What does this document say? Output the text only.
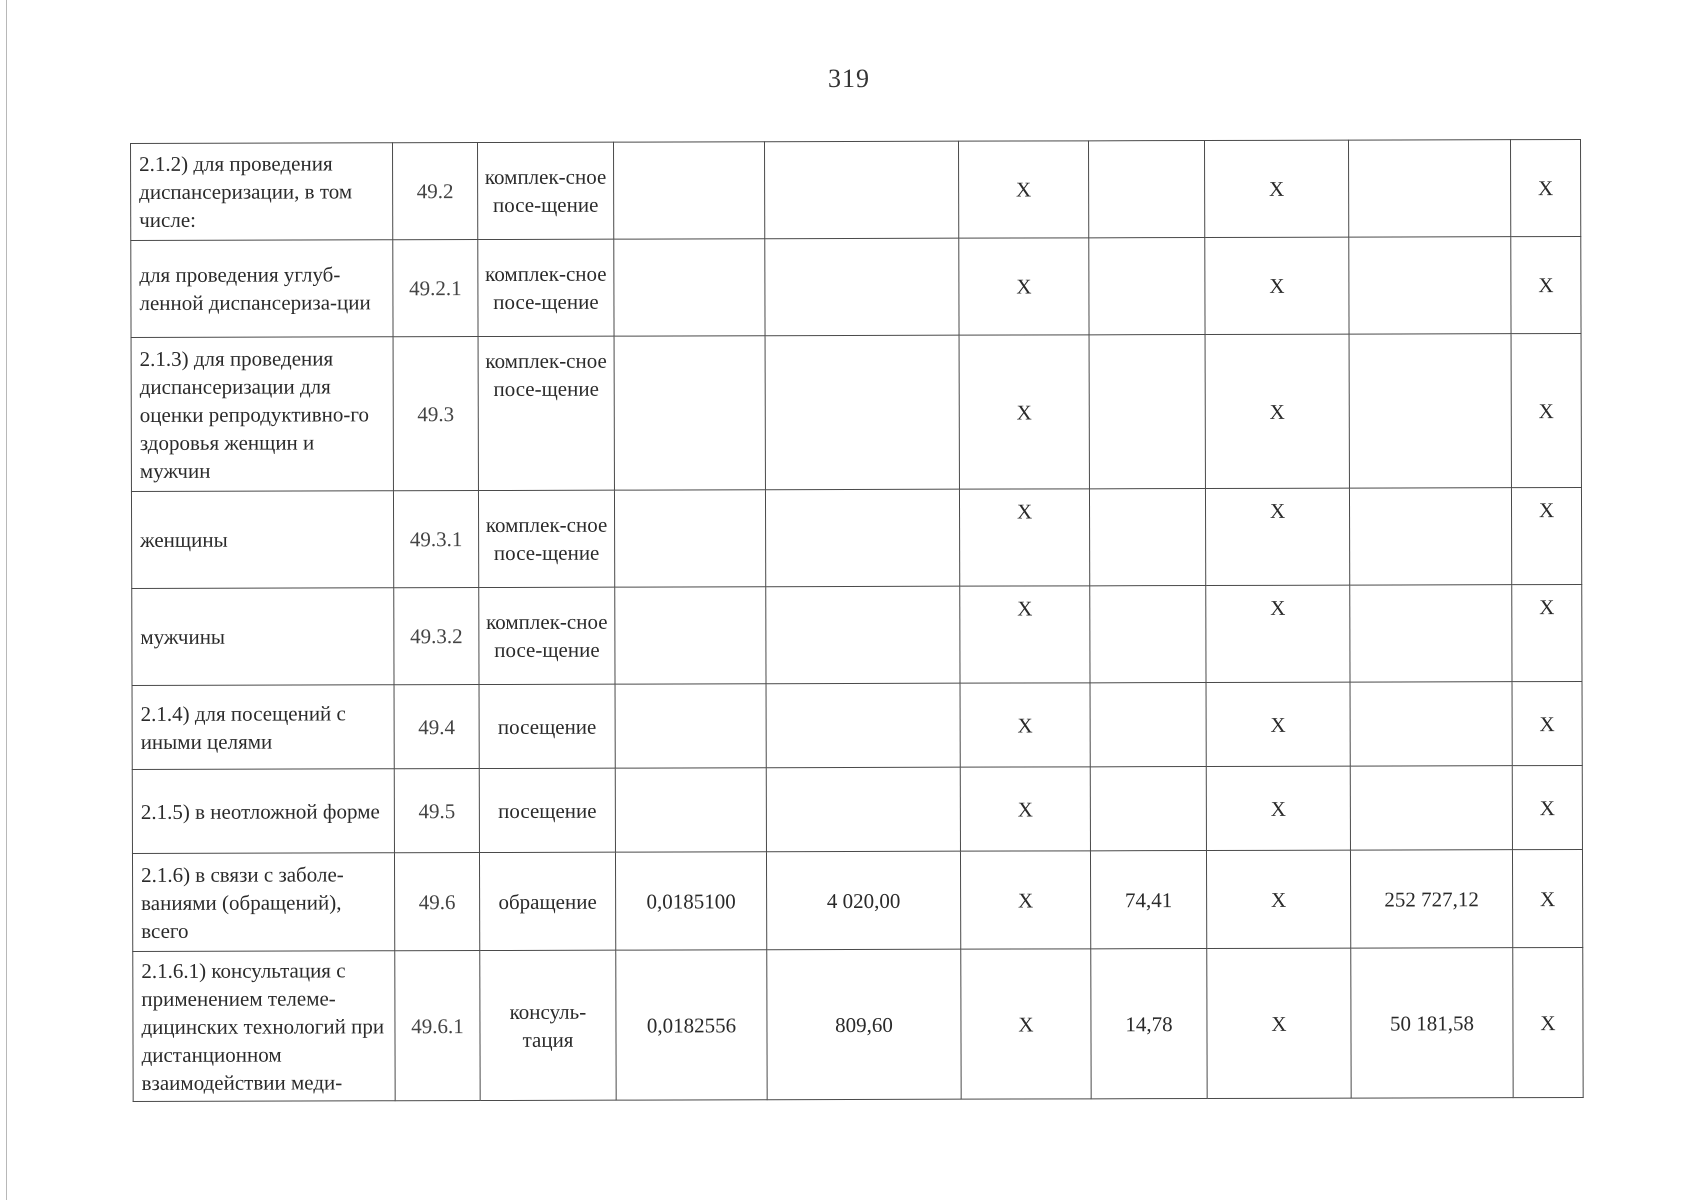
319
2.1.2) для проведения диспансеризации, в том числе:	49.2	комплек-сное посе-щение			X		X		X
для проведения углуб-ленной диспансериза-ции	49.2.1	комплек-сное посе-щение			X		X		X
2.1.3) для проведения диспансеризации для оценки репродуктивно-го здоровья женщин и мужчин	49.3	комплек-сное посе-щение			X		X		X
женщины	49.3.1	комплек-сное посе-щение			X		X		X
мужчины	49.3.2	комплек-сное посе-щение			X		X		X
2.1.4) для посещений с иными целями	49.4	посещение			X		X		X
2.1.5) в неотложной форме	49.5	посещение			X		X		X
2.1.6) в связи с заболе-ваниями (обращений), всего	49.6	обращение	0,0185100	4 020,00	X	74,41	X	252 727,12	X
2.1.6.1) консультация с применением телеме-дицинских технологий при дистанционном взаимодействии меди-	49.6.1	консуль-тация	0,0182556	809,60	X	14,78	X	50 181,58	X
